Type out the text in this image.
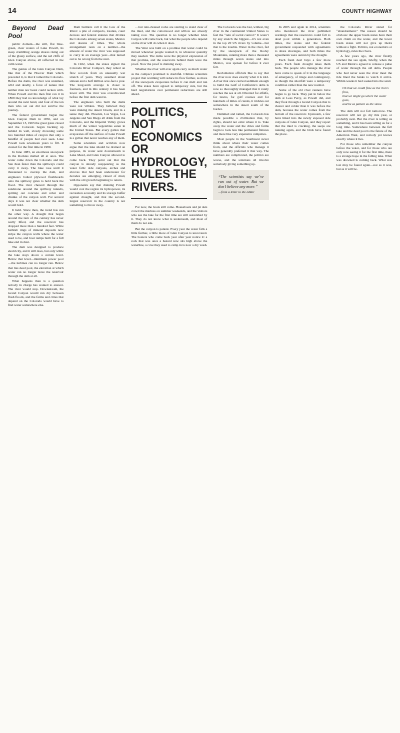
14	COUNTY HIGHWAY

Beyond Dead Pool

public domain—the still, flat blue-green, clear waters of Lake Powell, its steep crumbling orange shores rising out of the glassy surface, and the red cliffs of Glen Canyon above, all reflected in the calm water.

The genius of the Glen Canyon Dam, like that of the Hoover Dam which preceded it, is that it tamed the Colorado. Before the dams, the river was untamed, wild and deadly, a force of nature that neither man nor beast could reckon with. When Powell and his men first ran it in 1869 they had no knowledge of what lay around the next bend, and four of the ten men who set out did not survive the journey.

The federal government began the Glen Canyon Dam in 1956, and on September 13, 1963 the great gates closed and the Colorado began backing up behind its wall, slowly drowning some two hundred miles of canyon that only a handful of people had ever seen. Lake Powell took seventeen years to fill. It crested for the first time in 1980.

In June 1983, an enormous snowpack in the Rockies melted all at once. The water came down the Colorado and the San Juan faster than the spillways could carry it away. The lake rose until it threatened to overtop the dam, and engineers bolted plywood flashboards onto the spillway gates to hold back the flood. The river chewed through the sandstone around the spillway tunnels, spitting out concrete and rebar and chunks of the canyon wall. For several days it was not clear whether the dam would hold.

It held. Since then, the trend has run the other way. A drought that began around the turn of the century has never really lifted, and the reservoir has dropped more than a hundred feet. White bathtub rings of mineral deposits now stripe the canyon walls where the water used to be, and boat ramps built for a full lake end in dust.

The dam was designed to produce electricity, and it still does, but only while the lake stays above a certain level. Below that level—minimum power pool—the turbines can no longer run. Below that lies dead pool, the elevation at which water can no longer leave the reservoir through the dam at all.

What happens then is a question nobody in charge has wanted to answer. The river would stop. Downstream, the Grand Canyon would run dry between flash floods, and the farms and cities that depend on the Colorado would have to find water somewhere else.

Dam builders call it the Law of the River: a pile of compacts, treaties, court decrees and federal statutes that divides the Colorado among seven states, Mexico and dozens of tribes. The whole arrangement rests on a number—the amount of water the river was supposed to carry in an average year—that turned out to be wrong from the start.

In 1922, when the states signed the Colorado River Compact, they relied on flow records from an unusually wet stretch of years. They assumed about sixteen and a half million acre-feet a year. The long-term average is closer to fourteen, and in this century it has been lower still. The river was overallocated before the first dam went in.

The engineers who built the dams were not villains. They believed they were making the desert bloom, and in a sense they did. Phoenix, Las Vegas, Los Angeles and San Diego all drink from the Colorado, and the Imperial Valley grows much of the winter vegetables eaten in the United States. But every gallon that evaporates off the surface of Lake Powell is a gallon that never reaches any of them.

Some scientists and activists now argue that the lake should be drained on purpose, its water sent downstream to Lake Mead, and Glen Canyon allowed to come back. They point out that the canyon is already reappearing as the water falls: side canyons, arches and alcoves that had been underwater for decades are emerging, rinsed of mud, with the old growth beginning to return.

Opponents say that draining Powell would cost the region its hydropower, its recreation economy and its storage buffer against drought, and that the second-largest reservoir in the country is not something to throw away.

…but rain-cleaned rocks are starting to stand clear of the mud, and the cottonwood and willow are already taking root. The question is no longer whether Glen Canyon will come back, but what the people who depend on the river will do when it does.

The West was built on a promise that water could be moved wherever people wanted it, in whatever quantity they needed. The dams were the physical expression of that promise, and the reservoirs behind them were the proof. Now the proof is draining away.

Whether the river will ever again carry as much water as the compact promised is doubtful. Climate scientists project that warming will reduce its flow further, as more of the snowpack evaporates before it can melt and run off. The states have agreed to temporary cuts, but the hard negotiations over permanent reductions are still ahead.

POLITICS, NOT ECONOMICS OR HYDROLOGY, RULES THE RIVERS.

For now, the boats still come. Houseboats and jet skis crowd the marinas on summer weekends, and the visitors who see the lake for the first time are still astonished by it. They do not know what is underneath, and most of them do not ask.

But the canyon is patient. Every year the water falls a little further, a little more of Glen Canyon is uncovered. The boaters who come back year after year notice it: a rock that was once a hazard now sits high above the waterline, a cove they used to camp in is now a dry wash.

The Colorado was the last, wildest, big river in the continental United States to feel the “rein of social control.” It wasn’t by any stretch the biggest—it’s not even in the top 20 US rivers by volume—but that is the trouble. Water in the river, fed by the snowpack of the Rocky Mountains, running more than a thousand miles through seven states and into Mexico, was spoken for before it ever fell.

Reclamation officials like to say that the river now does exactly what it is told. A river that once carried sediment enough to build the Gulf of California’s delta is now so thoroughly managed that it rarely reaches the sea at all. Diverted for alfalfa, for lawns, for golf courses and for hundreds of miles of canals, it trickles out somewhere in the desert south of the border.

Dammed and tamed, the Colorado has made possible a civilization that, by rights, should not exist where it is. Take away the water and the cities and farms begin to look less like permanent fixtures and more like very expensive campsites.

Most people in the Southwest never think about where their water comes from, and the officials who manage it have generally preferred it that way. The numbers are complicated, the politics are worse, and the solutions all involve somebody giving something up.

“The scientists say we’ve run out of water. But we don’t believe any more.”

—from a letter to the editor

In 2005 and again in 2014, scientists who monitored the river published warnings that the reservoirs could fall to dead pool within a generation. Both times, the states and the federal government responded with agreements to share shortages, and both times the agreements were outrun by the drought.

Each fresh deal buys a few more years. Each fresh drought takes them back. The people who manage the river have come to speak of it in the language of emergency, of triage and contingency, as though the shortfall were a temporary condition rather than the new normal.

Some of the old river runners have begun to go back. They put in below the dam at Lees Ferry, as Powell did, and they float through a Grand Canyon that is clearer and colder than it was before the dam, because the water comes from the bottom of the reservoir. Upstream, a few have hiked into the newly exposed side canyons of Glen Canyon, and they report that the mud is cracking, the seeps are running again, and the birds have found the place.

the Colorado River slated for “abandonment.” The reason should be obvious: the upper basin states have their own claim on the water, and the lower basin states will not give up theirs without a fight. Politics, not economics or hydrology, rules the rivers.

A few years ago, the river finally reached the sea again, briefly, when the US and Mexico agreed to release a pulse of water through the old delta. People who had never seen the river meet the tide lined the banks to watch it arrive. Within weeks it had soaked into the sand.

Oh that we could flow as the rivers flow,
that we might go where the water goes,
and be as patient as the stone.

The dam will not fail tomorrow. The reservoir will not go dry this year, or probably next. But the river is telling us something, and it has been telling us for a long time. Somewhere between the full lake and the dead pool is the future of the American West, and nobody yet knows exactly where it lies.

For those who remember the canyon before the water, and for those who are only now seeing it for the first time, there is a strange hope in the falling lake. What was drowned is coming back. What was lost may be found again—not as it was, but as it will be.
